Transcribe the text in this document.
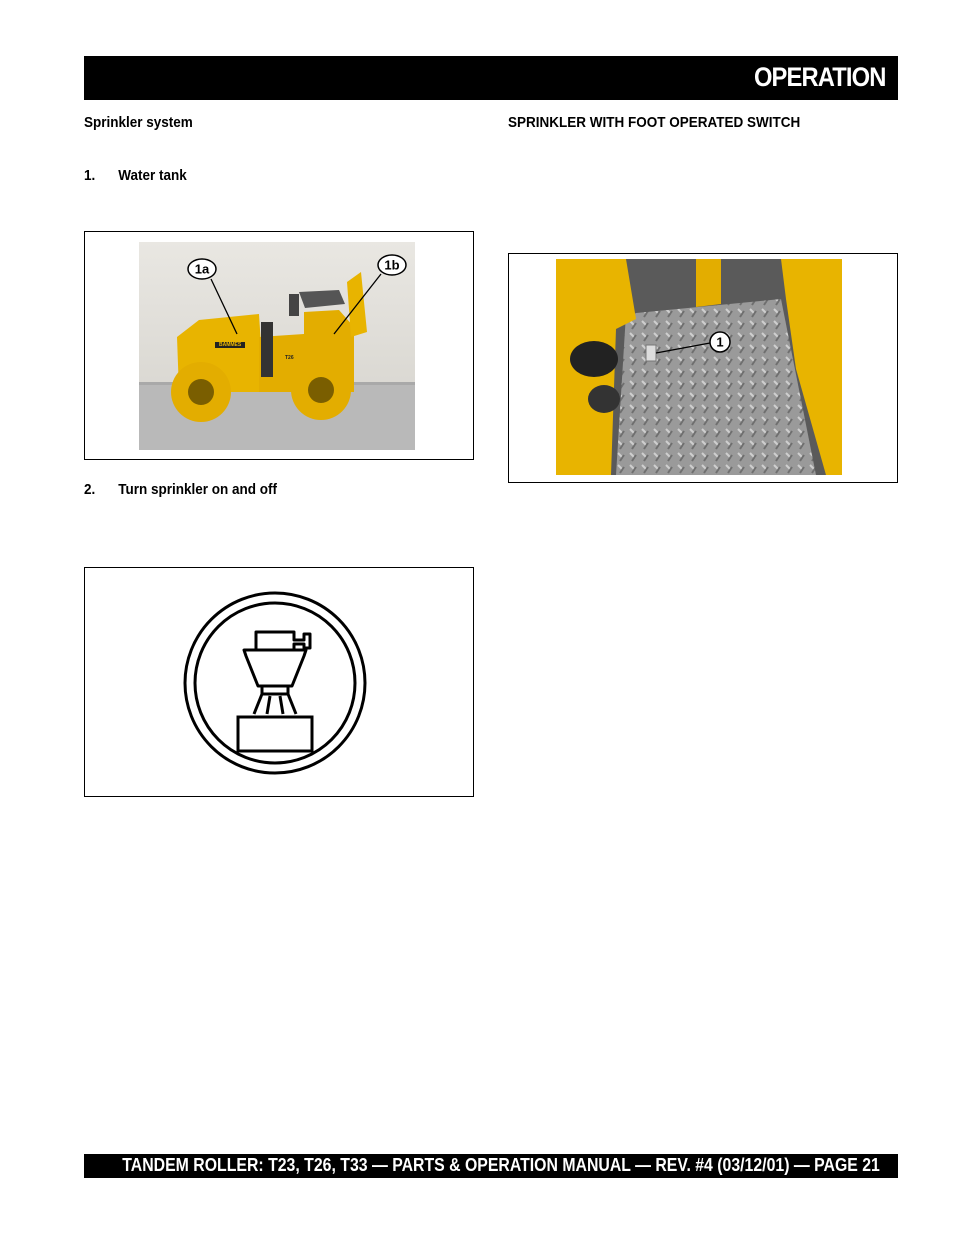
OPERATION
Sprinkler system
1. Water tank
BAMMES
T26
1a	1b
2. Turn sprinkler on and off
SPRINKLER WITH FOOT OPERATED SWITCH
1
TANDEM ROLLER: T23, T26, T33 — PARTS & OPERATION MANUAL — REV. #4 (03/12/01) — PAGE 21
